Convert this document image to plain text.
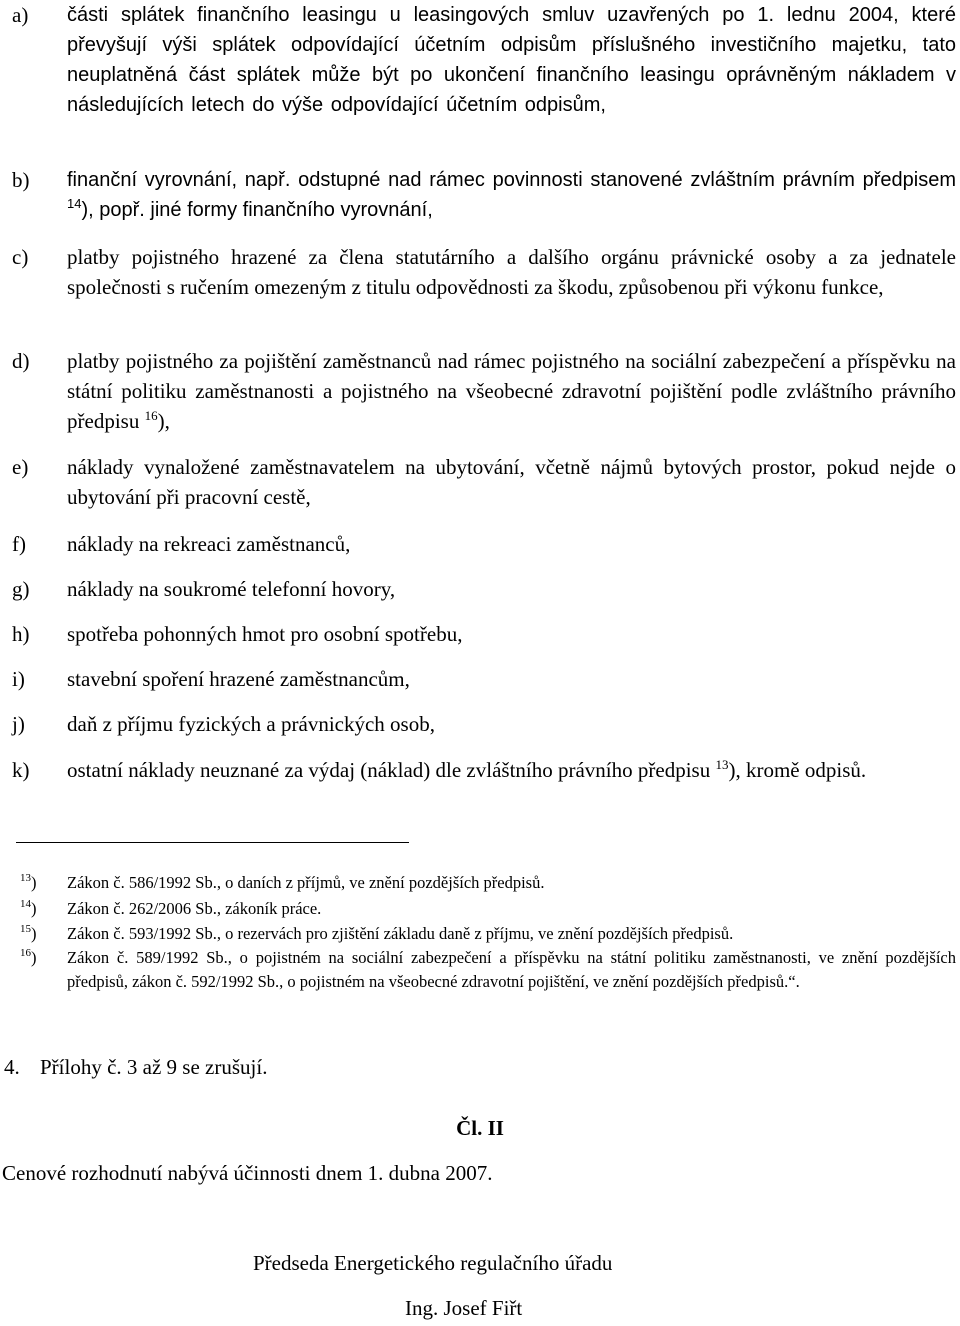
a) části splátek finančního leasingu u leasingových smluv uzavřených po 1. lednu 2004, které převyšují výši splátek odpovídající účetním odpisům příslušného investičního majetku, tato neuplatněná část splátek může být po ukončení finančního leasingu oprávněným nákladem v následujících letech do výše odpovídající účetním odpisům,
b) finanční vyrovnání, např. odstupné nad rámec povinnosti stanovené zvláštním právním předpisem $^{14}$), popř. jiné formy finančního vyrovnání,
c) platby pojistného hrazené za člena statutárního a dalšího orgánu právnické osoby a za jednatele společnosti s ručením omezeným z titulu odpovědnosti za škodu, způsobenou při výkonu funkce,
d) platby pojistného za pojištění zaměstnanců nad rámec pojistného na sociální zabezpečení a příspěvku na státní politiku zaměstnanosti a pojistného na všeobecné zdravotní pojištění podle zvláštního právního předpisu $^{16}$),
e) náklady vynaložené zaměstnavatelem na ubytování, včetně nájmů bytových prostor, pokud nejde o ubytování při pracovní cestě,
f) náklady na rekreaci zaměstnanců,
g) náklady na soukromé telefonní hovory,
h) spotřeba pohonných hmot pro osobní spotřebu,
i) stavební spoření hrazené zaměstnancům,
j) daň z příjmu fyzických a právnických osob,
k) ostatní náklady neuznané za výdaj (náklad) dle zvláštního právního předpisu $^{13}$), kromě odpisů.
$^{13}$) Zákon č. 586/1992 Sb., o daních z příjmů, ve znění pozdějších předpisů.
$^{14}$) Zákon č. 262/2006 Sb., zákoník práce.
$^{15}$) Zákon č. 593/1992 Sb., o rezervách pro zjištění základu daně z příjmu, ve znění pozdějších předpisů.
$^{16}$) Zákon č. 589/1992 Sb., o pojistném na sociální zabezpečení a příspěvku na státní politiku zaměstnanosti, ve znění pozdějších předpisů, zákon č. 592/1992 Sb., o pojistném na všeobecné zdravotní pojištění, ve znění pozdějších předpisů.“.
4. Přílohy č. 3 až 9 se zrušují.
Čl. II
Cenové rozhodnutí nabývá účinnosti dnem 1. dubna 2007.
Předseda Energetického regulačního úřadu
Ing. Josef Fiřt
